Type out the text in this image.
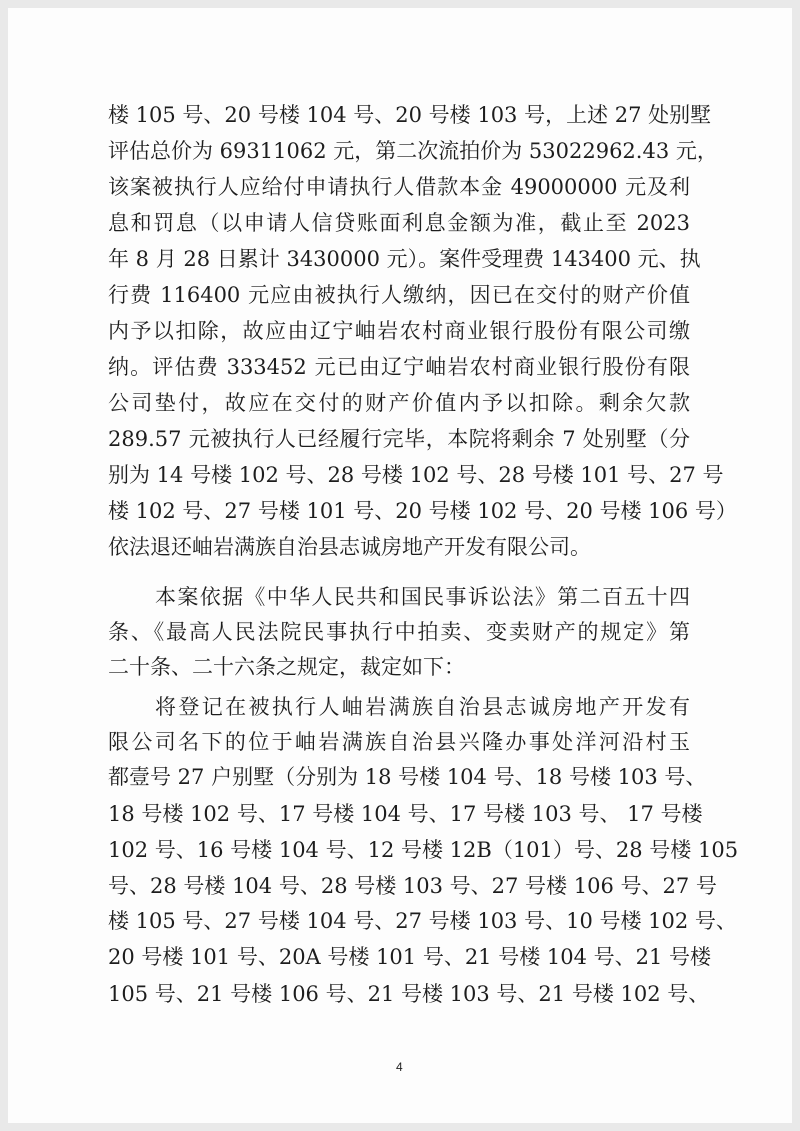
楼 105 号、20 号楼 104 号、20 号楼 103 号，上述 27 处别墅
评估总价为 69311062 元，第二次流拍价为 53022962.43 元，
该案被执行人应给付申请执行人借款本金 49000000 元及利
息和罚息（以申请人信贷账面利息金额为准，截止至 2023
年 8 月 28 日累计 3430000 元）。案件受理费 143400 元、执
行费 116400 元应由被执行人缴纳，因已在交付的财产价值
内予以扣除，故应由辽宁岫岩农村商业银行股份有限公司缴
纳。评估费 333452 元已由辽宁岫岩农村商业银行股份有限
公司垫付，故应在交付的财产价值内予以扣除。剩余欠款
289.57 元被执行人已经履行完毕，本院将剩余 7 处别墅（分
别为 14 号楼 102 号、28 号楼 102 号、28 号楼 101 号、27 号
楼 102 号、27 号楼 101 号、20 号楼 102 号、20 号楼 106 号）
依法退还岫岩满族自治县志诚房地产开发有限公司。
本案依据《中华人民共和国民事诉讼法》第二百五十四
条、《最高人民法院民事执行中拍卖、变卖财产的规定》第
二十条、二十六条之规定，裁定如下：
将登记在被执行人岫岩满族自治县志诚房地产开发有
限公司名下的位于岫岩满族自治县兴隆办事处洋河沿村玉
都壹号 27 户别墅（分别为 18 号楼 104 号、18 号楼 103 号、
18 号楼 102 号、17 号楼 104 号、17 号楼 103 号、 17 号楼
102 号、16 号楼 104 号、12 号楼 12B（101）号、28 号楼 105
号、28 号楼 104 号、28 号楼 103 号、27 号楼 106 号、27 号
楼 105 号、27 号楼 104 号、27 号楼 103 号、10 号楼 102 号、
20 号楼 101 号、20A 号楼 101 号、21 号楼 104 号、21 号楼
105 号、21 号楼 106 号、21 号楼 103 号、21 号楼 102 号、
4
